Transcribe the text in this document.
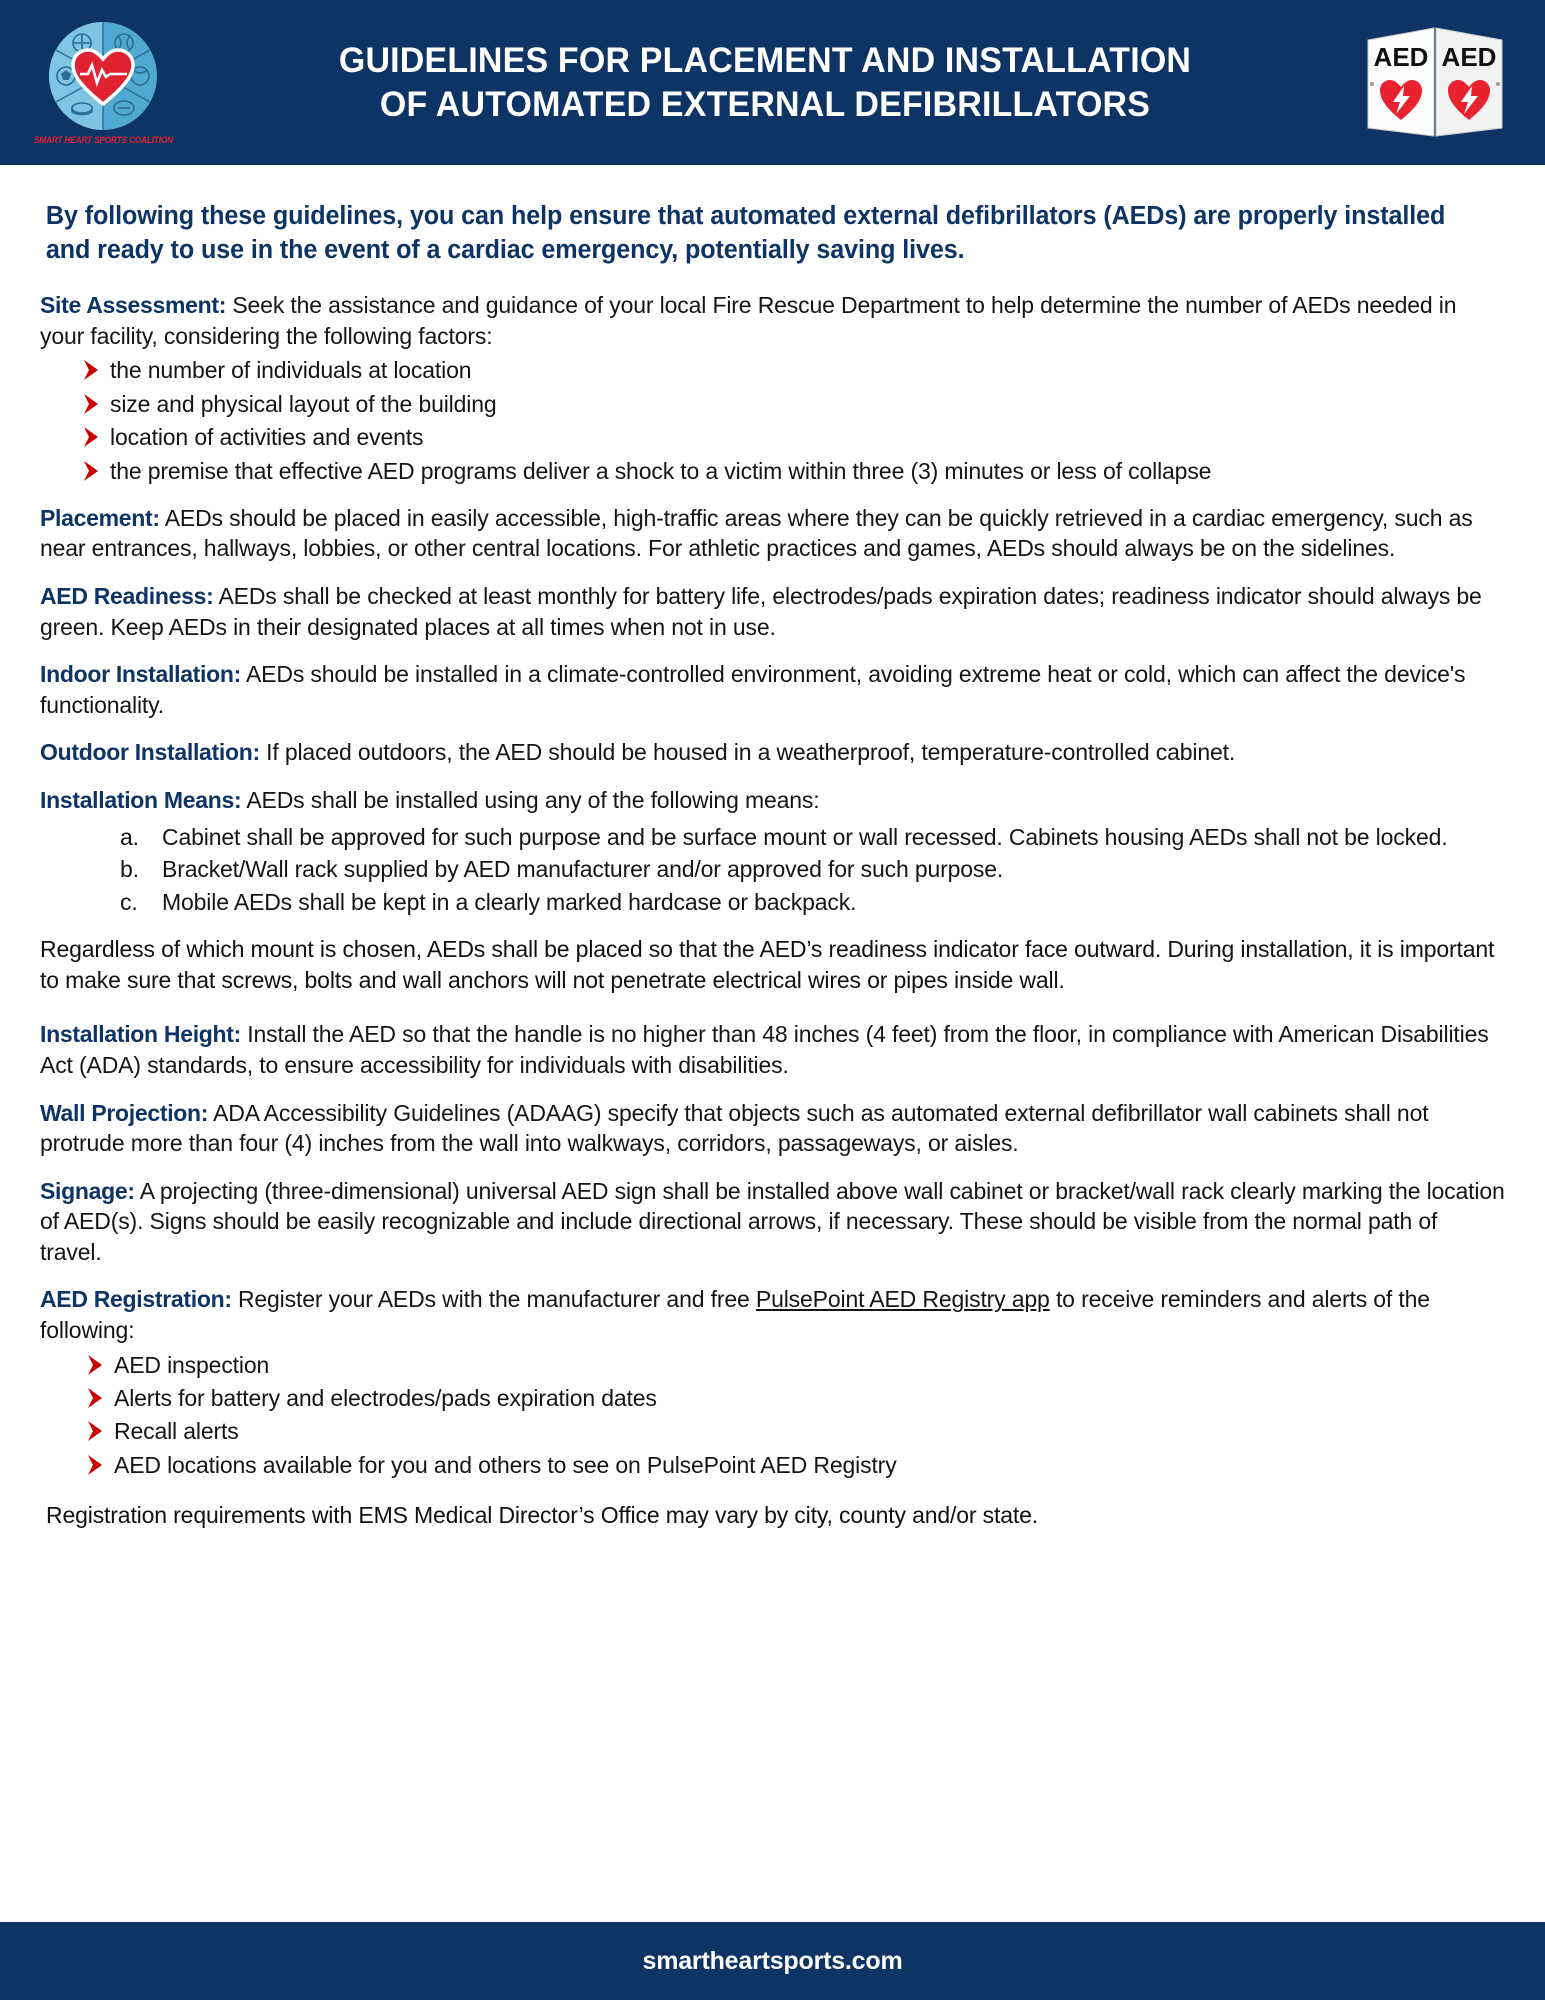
SMART HEART SPORTS COALITION
GUIDELINES FOR PLACEMENT AND INSTALLATION
OF AUTOMATED EXTERNAL DEFIBRILLATORS
AED AED
By following these guidelines, you can help ensure that automated external defibrillators (AEDs) are properly installed and ready to use in the event of a cardiac emergency, potentially saving lives.

Site Assessment: Seek the assistance and guidance of your local Fire Rescue Department to help determine the number of AEDs needed in your facility, considering the following factors:

the number of individuals at location
size and physical layout of the building
location of activities and events
the premise that effective AED programs deliver a shock to a victim within three (3) minutes or less of collapse

Placement: AEDs should be placed in easily accessible, high-traffic areas where they can be quickly retrieved in a cardiac emergency, such as near entrances, hallways, lobbies, or other central locations. For athletic practices and games, AEDs should always be on the sidelines.

AED Readiness: AEDs shall be checked at least monthly for battery life, electrodes/pads expiration dates; readiness indicator should always be green. Keep AEDs in their designated places at all times when not in use.

Indoor Installation: AEDs should be installed in a climate-controlled environment, avoiding extreme heat or cold, which can affect the device's functionality.

Outdoor Installation: If placed outdoors, the AED should be housed in a weatherproof, temperature-controlled cabinet.

Installation Means: AEDs shall be installed using any of the following means:

a.	Cabinet shall be approved for such purpose and be surface mount or wall recessed. Cabinets housing AEDs shall not be locked.
b.	Bracket/Wall rack supplied by AED manufacturer and/or approved for such purpose.
c.	Mobile AEDs shall be kept in a clearly marked hardcase or backpack.

Regardless of which mount is chosen, AEDs shall be placed so that the AED’s readiness indicator face outward. During installation, it is important to make sure that screws, bolts and wall anchors will not penetrate electrical wires or pipes inside wall.

Installation Height: Install the AED so that the handle is no higher than 48 inches (4 feet) from the floor, in compliance with American Disabilities Act (ADA) standards, to ensure accessibility for individuals with disabilities.

Wall Projection: ADA Accessibility Guidelines (ADAAG) specify that objects such as automated external defibrillator wall cabinets shall not protrude more than four (4) inches from the wall into walkways, corridors, passageways, or aisles.

Signage: A projecting (three-dimensional) universal AED sign shall be installed above wall cabinet or bracket/wall rack clearly marking the location of AED(s). Signs should be easily recognizable and include directional arrows, if necessary. These should be visible from the normal path of travel.

AED Registration: Register your AEDs with the manufacturer and free PulsePoint AED Registry app to receive reminders and alerts of the following:

AED inspection
Alerts for battery and electrodes/pads expiration dates
Recall alerts
AED locations available for you and others to see on PulsePoint AED Registry

Registration requirements with EMS Medical Director’s Office may vary by city, county and/or state.

smartheartsports.com
